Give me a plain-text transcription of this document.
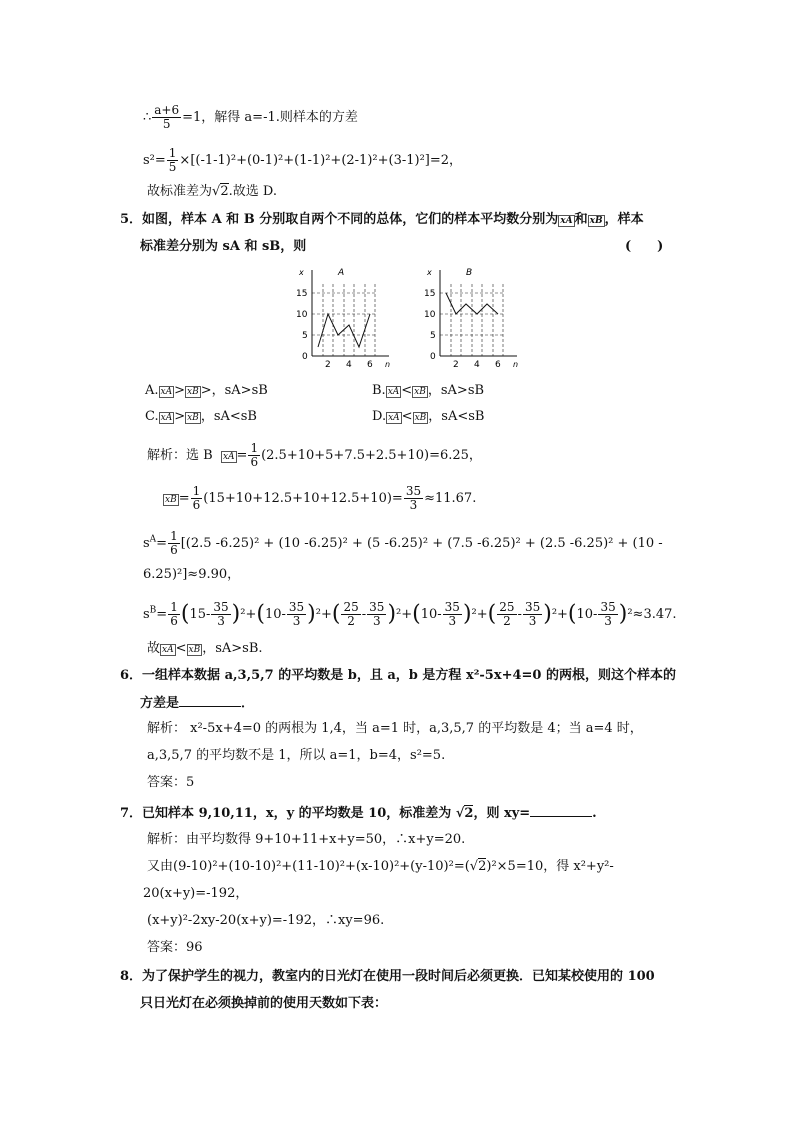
∴ $\frac{a+6}{5} =1$，解得 a=-1.则样本的方差
$s^2= \frac{1}{5} \times[(-1-1)^2+(0-1)^2+(1-1)^2+(2-1)^2+(3-1)^2]=2$，
故标准差为√2.故选 D.
5．如图，样本 A 和 B 分别取自两个不同的总体，它们的样本平均数分别为 xA 和 xB ，样本
标准差分别为 sA 和 sB，则	(　　)
x	A
n
0
5
10
15
2 4 6
x	B
n
0
5
10
15
2 4 6
A. xA > xB >，sA>sB	B. xA < xB ，sA>sB
C. xA > xB ，sA<sB	D. xA < xB ，sA<sB
解析：选 B xA = $\frac{1}{6} (2.5+10+5+7.5+2.5+10)=6.25$，
xB = $\frac{1}{6} (15+10+12.5+10+12.5+10)= \frac{35}{3} \approx 11.67$.
$s^A= \frac{1}{6} [(2.5$ -6.25)² + (10 -6.25)² + (5 -6.25)² + (7.5 -6.25)² + (2.5 -6.25)² + (10 -
6.25)²]≈9.90，
$s^B= \frac{1}{6} (15- \frac{35}{3} )^2+(10- \frac{35}{3} )^2+( \frac{25}{2} - \frac{35}{3} )^2+(10- \frac{35}{3} )^2+( \frac{25}{2} - \frac{35}{3} )^2+(10- \frac{35}{3} )^2\approx 3.47$.
故 xA < xB ，sA>sB.
6．一组样本数据 a,3,5,7 的平均数是 b，且 a，b 是方程 x²-5x+4=0 的两根，则这个样本的
方差是	．
解析： x²-5x+4=0 的两根为 1,4，当 a=1 时，a,3,5,7 的平均数是 4；当 a=4 时，
a,3,5,7 的平均数不是 1，所以 a=1，b=4，s²=5.
答案：5
7．已知样本 9,10,11，x，y 的平均数是 10，标准差为 √2，则 xy=	.
解析：由平均数得 9+10+11+x+y=50，∴x+y=20.
又由(9-10)²+(10-10)²+(11-10)²+(x-10)²+(y-10)²=(√2)²×5=10，得 x²+y²-
20(x+y)=-192，
(x+y)²-2xy-20(x+y)=-192，∴xy=96.
答案：96
8．为了保护学生的视力，教室内的日光灯在使用一段时间后必须更换．已知某校使用的 100
只日光灯在必须换掉前的使用天数如下表：
